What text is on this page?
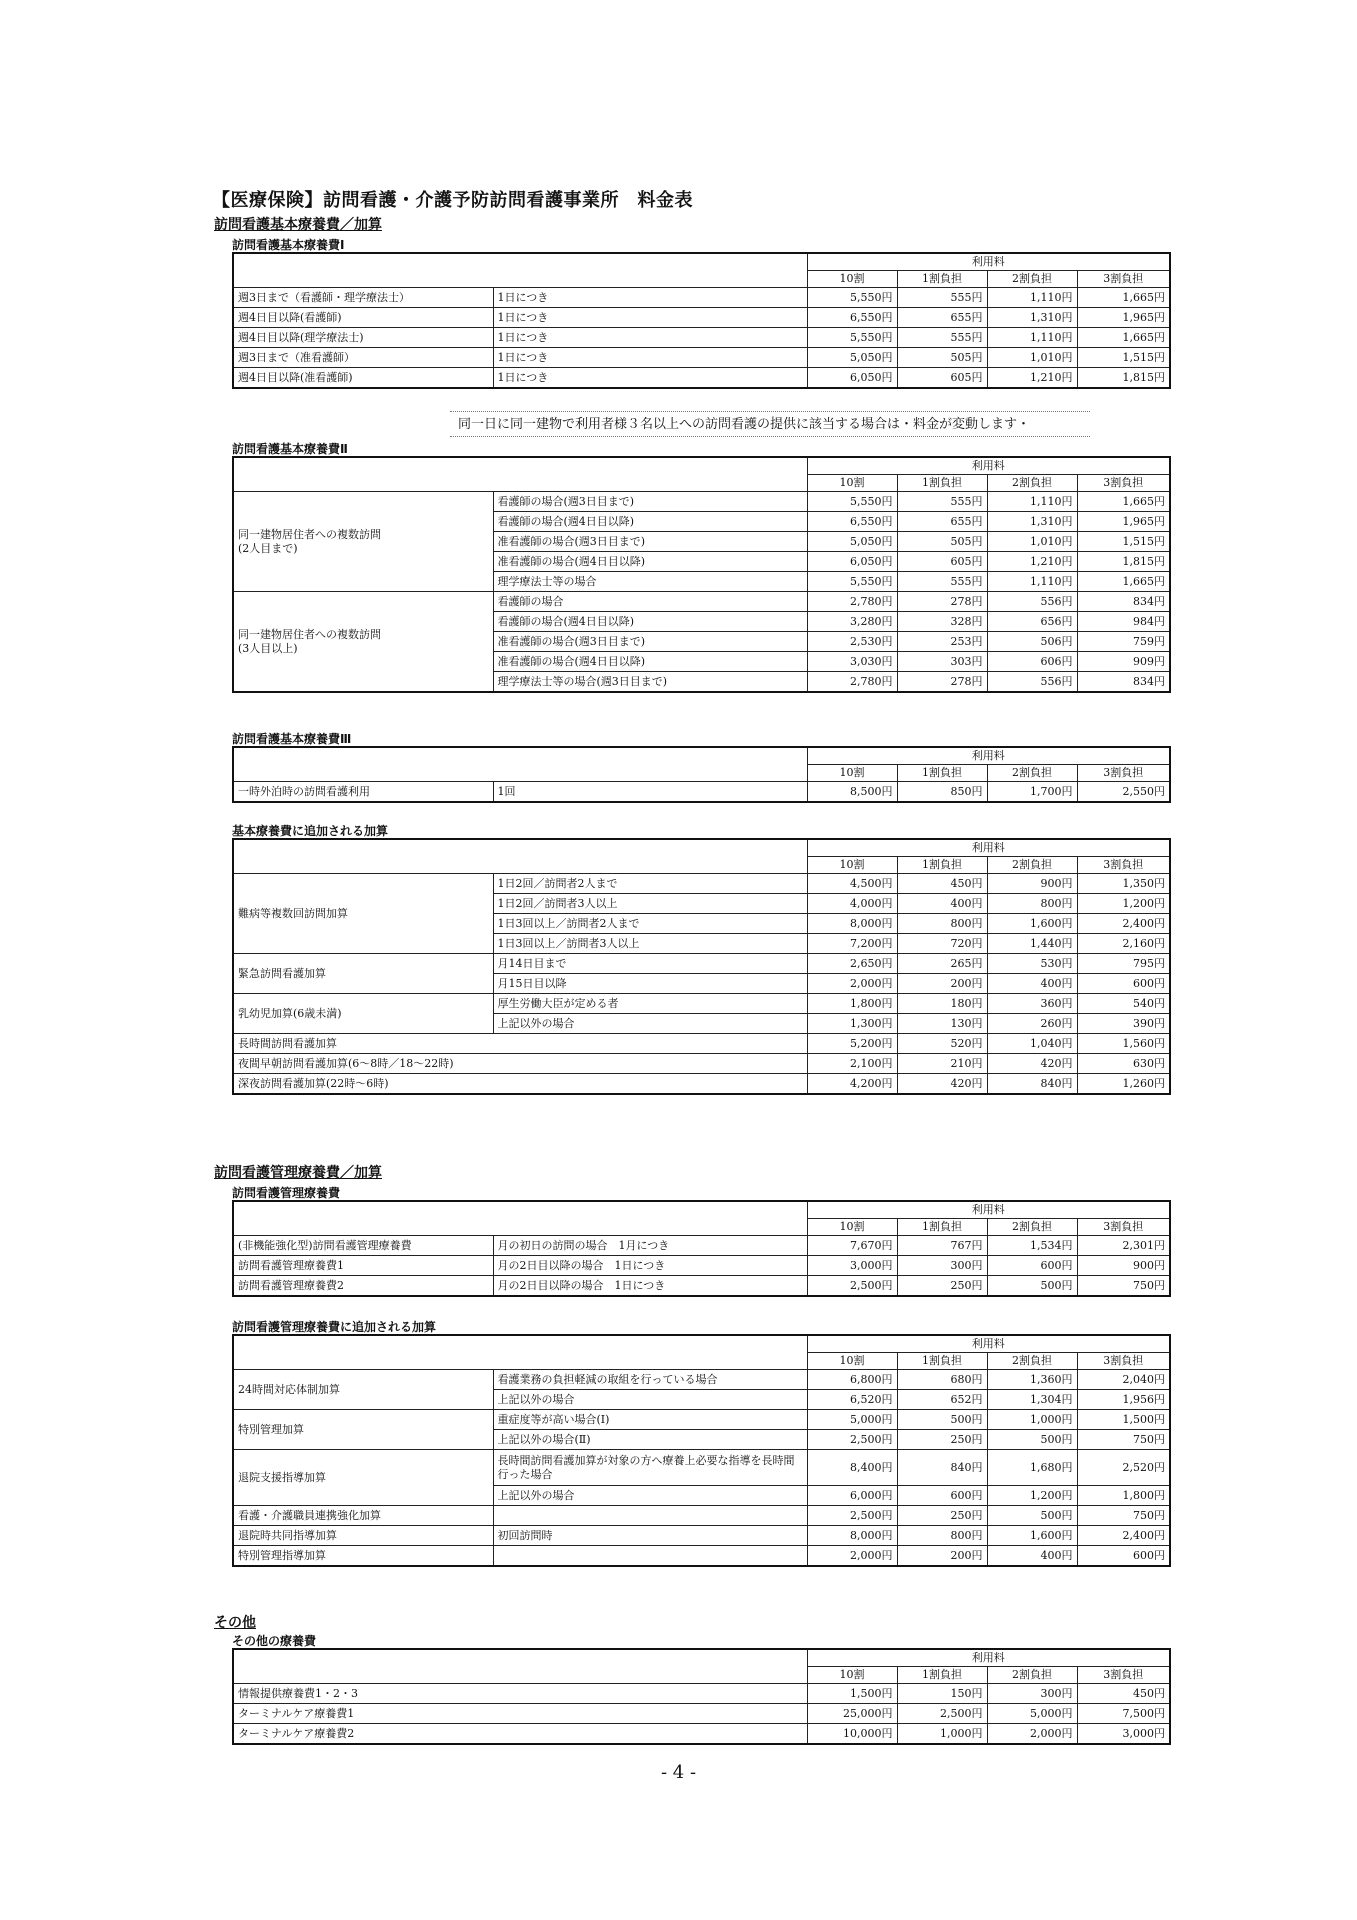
【医療保険】訪問看護・介護予防訪問看護事業所　料金表
訪問看護基本療養費／加算
訪問看護基本療養費Ⅰ
		利用料			
		10割	1割負担	2割負担	3割負担
週3日まで（看護師・理学療法士）	1日につき	5,550円	555円	1,110円	1,665円
週4日目以降(看護師)	1日につき	6,550円	655円	1,310円	1,965円
週4日目以降(理学療法士)	1日につき	5,550円	555円	1,110円	1,665円
週3日まで（准看護師）	1日につき	5,050円	505円	1,010円	1,515円
週4日目以降(准看護師)	1日につき	6,050円	605円	1,210円	1,815円
同一日に同一建物で利用者様３名以上への訪問看護の提供に該当する場合は・料金が変動します・
訪問看護基本療養費Ⅱ
		利用料			
		10割	1割負担	2割負担	3割負担
同一建物居住者への複数訪問
(2人目まで)	看護師の場合(週3日目まで)	5,550円	555円	1,110円	1,665円
	看護師の場合(週4日目以降)	6,550円	655円	1,310円	1,965円
	准看護師の場合(週3日目まで)	5,050円	505円	1,010円	1,515円
	准看護師の場合(週4日目以降)	6,050円	605円	1,210円	1,815円
	理学療法士等の場合	5,550円	555円	1,110円	1,665円
同一建物居住者への複数訪問
(3人目以上)	看護師の場合	2,780円	278円	556円	834円
	看護師の場合(週4日目以降)	3,280円	328円	656円	984円
	准看護師の場合(週3日目まで)	2,530円	253円	506円	759円
	准看護師の場合(週4日目以降)	3,030円	303円	606円	909円
	理学療法士等の場合(週3日目まで)	2,780円	278円	556円	834円
訪問看護基本療養費Ⅲ
		利用料			
		10割	1割負担	2割負担	3割負担
一時外泊時の訪問看護利用	1回	8,500円	850円	1,700円	2,550円
基本療養費に追加される加算
		利用料			
		10割	1割負担	2割負担	3割負担
難病等複数回訪問加算	1日2回／訪問者2人まで	4,500円	450円	900円	1,350円
	1日2回／訪問者3人以上	4,000円	400円	800円	1,200円
	1日3回以上／訪問者2人まで	8,000円	800円	1,600円	2,400円
	1日3回以上／訪問者3人以上	7,200円	720円	1,440円	2,160円
緊急訪問看護加算	月14日目まで	2,650円	265円	530円	795円
	月15日目以降	2,000円	200円	400円	600円
乳幼児加算(6歳未満)	厚生労働大臣が定める者	1,800円	180円	360円	540円
	上記以外の場合	1,300円	130円	260円	390円
長時間訪問看護加算		5,200円	520円	1,040円	1,560円
夜間早朝訪問看護加算(6～8時／18～22時)		2,100円	210円	420円	630円
深夜訪問看護加算(22時～6時)		4,200円	420円	840円	1,260円
訪問看護管理療養費／加算
訪問看護管理療養費
		利用料			
		10割	1割負担	2割負担	3割負担
(非機能強化型)訪問看護管理療養費	月の初日の訪問の場合　1月につき	7,670円	767円	1,534円	2,301円
訪問看護管理療養費1	月の2日目以降の場合　1日につき	3,000円	300円	600円	900円
訪問看護管理療養費2	月の2日目以降の場合　1日につき	2,500円	250円	500円	750円
訪問看護管理療養費に追加される加算
		利用料			
		10割	1割負担	2割負担	3割負担
24時間対応体制加算	看護業務の負担軽減の取組を行っている場合	6,800円	680円	1,360円	2,040円
	上記以外の場合	6,520円	652円	1,304円	1,956円
特別管理加算	重症度等が高い場合(Ⅰ)	5,000円	500円	1,000円	1,500円
	上記以外の場合(Ⅱ)	2,500円	250円	500円	750円
退院支援指導加算	長時間訪問看護加算が対象の方へ療養上必要な指導を長時間行った場合	8,400円	840円	1,680円	2,520円
	上記以外の場合	6,000円	600円	1,200円	1,800円
看護・介護職員連携強化加算		2,500円	250円	500円	750円
退院時共同指導加算	初回訪問時	8,000円	800円	1,600円	2,400円
特別管理指導加算		2,000円	200円	400円	600円
その他
その他の療養費
	利用料			
	10割	1割負担	2割負担	3割負担
情報提供療養費1・2・3	1,500円	150円	300円	450円
ターミナルケア療養費1	25,000円	2,500円	5,000円	7,500円
ターミナルケア療養費2	10,000円	1,000円	2,000円	3,000円
- 4 -
